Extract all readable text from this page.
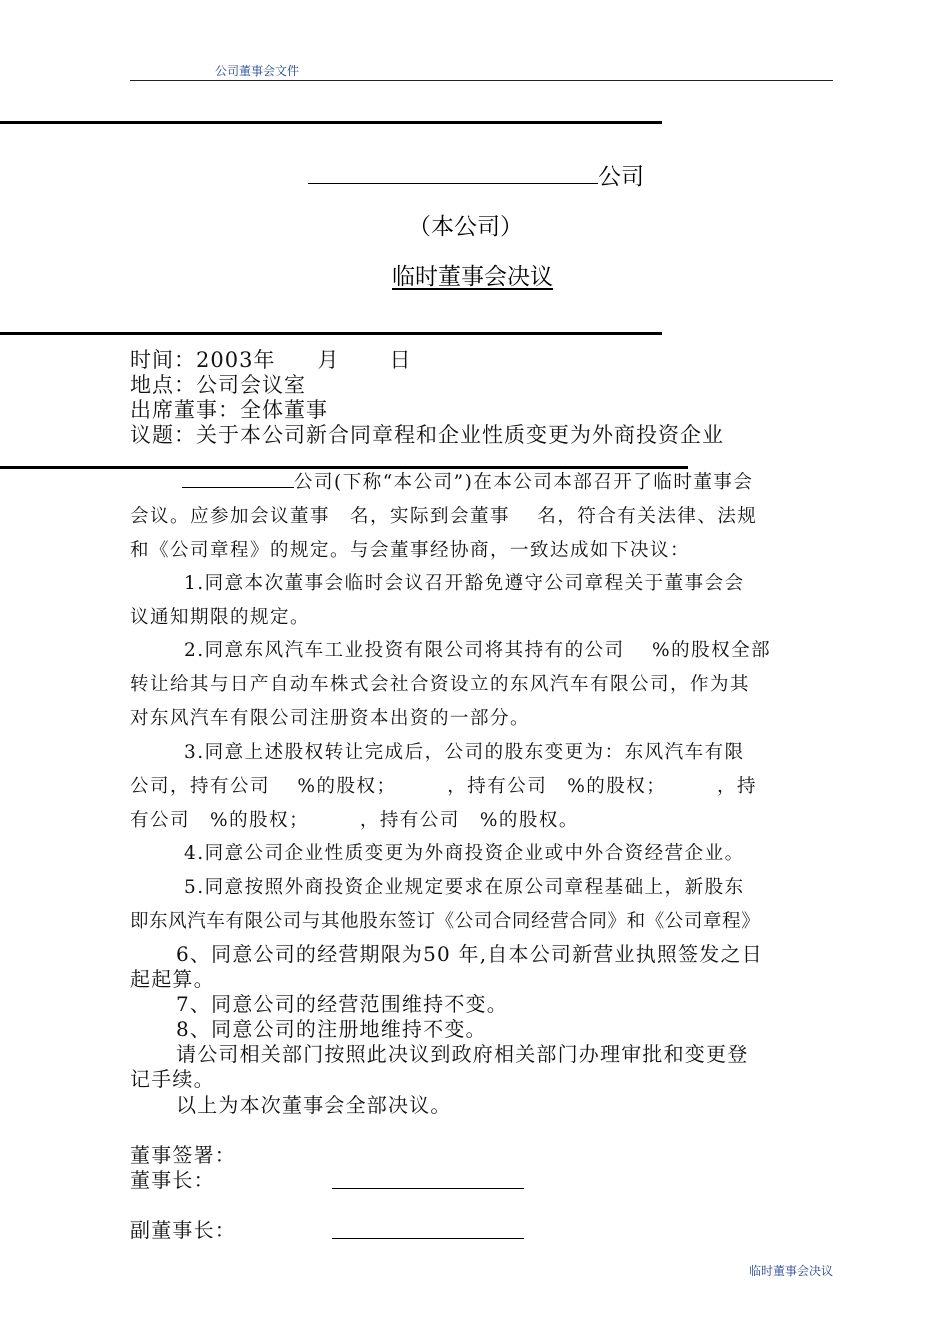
公司董事会文件
公司
（本公司）
临时董事会决议
时间：2003年 月 日
地点：公司会议室
出席董事：全体董事
议题：关于本公司新合同章程和企业性质变更为外商投资企业
公司(下称“本公司”)在本公司本部召开了临时董事会
会议。应参加会议董事　名，实际到会董事　 名，符合有关法律、法规
和《公司章程》的规定。与会董事经协商，一致达成如下决议：
1.同意本次董事会临时会议召开豁免遵守公司章程关于董事会会
议通知期限的规定。
2.同意东风汽车工业投资有限公司将其持有的公司　 %的股权全部
转让给其与日产自动车株式会社合资设立的东风汽车有限公司，作为其
对东风汽车有限公司注册资本出资的一部分。
3.同意上述股权转让完成后，公司的股东变更为：东风汽车有限
公司，持有公司　 %的股权；　　　，持有公司　%的股权；　　　，持
有公司　%的股权；　　　，持有公司　%的股权。
4.同意公司企业性质变更为外商投资企业或中外合资经营企业。
5.同意按照外商投资企业规定要求在原公司章程基础上，新股东
即东风汽车有限公司与其他股东签订《公司合同经营合同》和《公司章程》
6、同意公司的经营期限为50 年,自本公司新营业执照签发之日
起起算。
7、同意公司的经营范围维持不变。
8、同意公司的注册地维持不变。
请公司相关部门按照此决议到政府相关部门办理审批和变更登
记手续。
以上为本次董事会全部决议。
董事签署：
董事长：
副董事长：
临时董事会决议
